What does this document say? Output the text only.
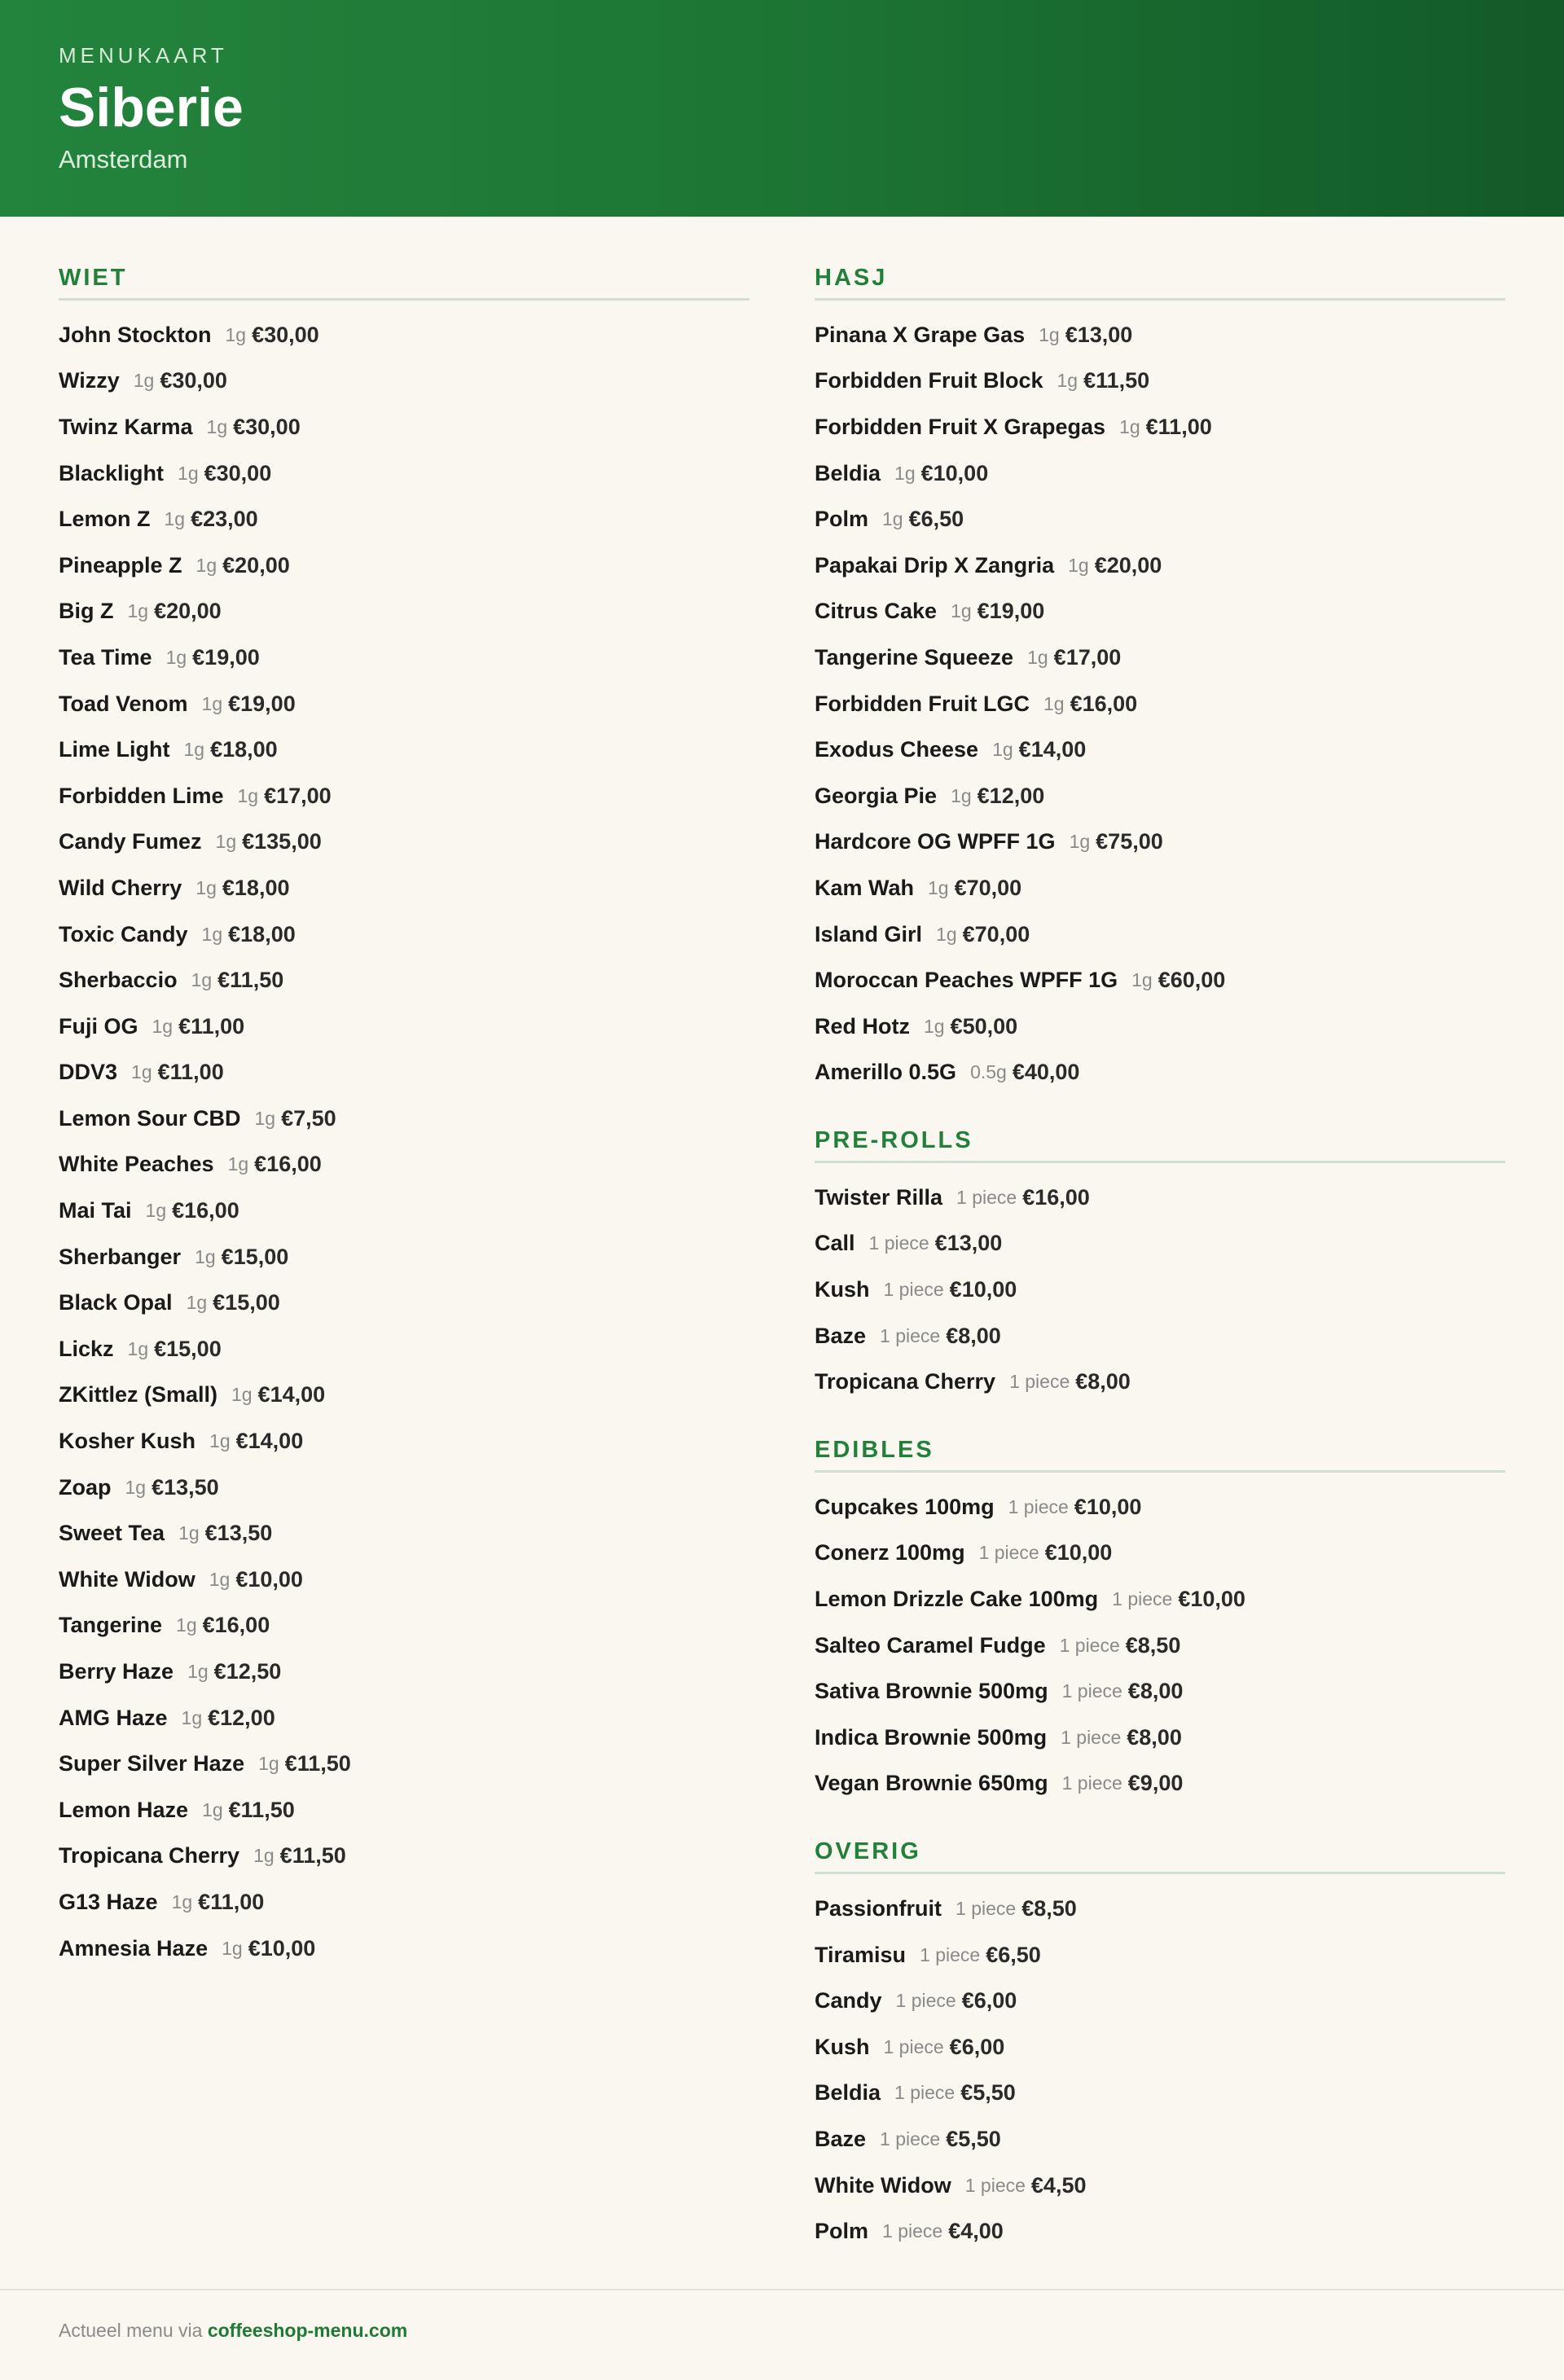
MENUKAART
Siberie
Amsterdam
WIET
John Stockton 1g €30,00
Wizzy 1g €30,00
Twinz Karma 1g €30,00
Blacklight 1g €30,00
Lemon Z 1g €23,00
Pineapple Z 1g €20,00
Big Z 1g €20,00
Tea Time 1g €19,00
Toad Venom 1g €19,00
Lime Light 1g €18,00
Forbidden Lime 1g €17,00
Candy Fumez 1g €135,00
Wild Cherry 1g €18,00
Toxic Candy 1g €18,00
Sherbaccio 1g €11,50
Fuji OG 1g €11,00
DDV3 1g €11,00
Lemon Sour CBD 1g €7,50
White Peaches 1g €16,00
Mai Tai 1g €16,00
Sherbanger 1g €15,00
Black Opal 1g €15,00
Lickz 1g €15,00
ZKittlez (Small) 1g €14,00
Kosher Kush 1g €14,00
Zoap 1g €13,50
Sweet Tea 1g €13,50
White Widow 1g €10,00
Tangerine 1g €16,00
Berry Haze 1g €12,50
AMG Haze 1g €12,00
Super Silver Haze 1g €11,50
Lemon Haze 1g €11,50
Tropicana Cherry 1g €11,50
G13 Haze 1g €11,00
Amnesia Haze 1g €10,00
HASJ
Pinana X Grape Gas 1g €13,00
Forbidden Fruit Block 1g €11,50
Forbidden Fruit X Grapegas 1g €11,00
Beldia 1g €10,00
Polm 1g €6,50
Papakai Drip X Zangria 1g €20,00
Citrus Cake 1g €19,00
Tangerine Squeeze 1g €17,00
Forbidden Fruit LGC 1g €16,00
Exodus Cheese 1g €14,00
Georgia Pie 1g €12,00
Hardcore OG WPFF 1G 1g €75,00
Kam Wah 1g €70,00
Island Girl 1g €70,00
Moroccan Peaches WPFF 1G 1g €60,00
Red Hotz 1g €50,00
Amerillo 0.5G 0.5g €40,00
PRE-ROLLS
Twister Rilla 1 piece €16,00
Call 1 piece €13,00
Kush 1 piece €10,00
Baze 1 piece €8,00
Tropicana Cherry 1 piece €8,00
EDIBLES
Cupcakes 100mg 1 piece €10,00
Conerz 100mg 1 piece €10,00
Lemon Drizzle Cake 100mg 1 piece €10,00
Salteo Caramel Fudge 1 piece €8,50
Sativa Brownie 500mg 1 piece €8,00
Indica Brownie 500mg 1 piece €8,00
Vegan Brownie 650mg 1 piece €9,00
OVERIG
Passionfruit 1 piece €8,50
Tiramisu 1 piece €6,50
Candy 1 piece €6,00
Kush 1 piece €6,00
Beldia 1 piece €5,50
Baze 1 piece €5,50
White Widow 1 piece €4,50
Polm 1 piece €4,00
Actueel menu via coffeeshop-menu.com
